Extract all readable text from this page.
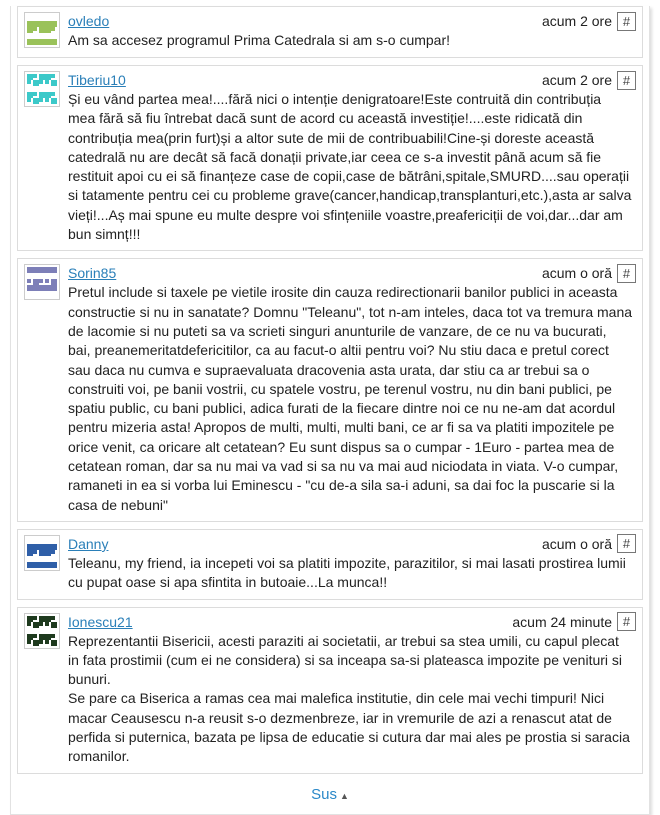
ovledo	acum 2 ore #
Am sa accesez programul Prima Catedrala si am s-o cumpar!
Tiberiu10	acum 2 ore #
Și eu vând partea mea!....fără nici o intenție denigratoare!Este contruită din contribuția mea fără să fiu întrebat dacă sunt de acord cu această investiție!....este ridicată din contribuția mea(prin furt)și a altor sute de mii de contribuabili!Cine-și doreste această catedrală nu are decât să facă donații private,iar ceea ce s-a investit până acum să fie restituit apoi cu ei să finanțeze case de copii,case de bătrâni,spitale,SMURD....sau operații si tatamente pentru cei cu probleme grave(cancer,handicap,transplanturi,etc.),asta ar salva vieți!...Aș mai spune eu multe despre voi sfințeniile voastre,preafericiții de voi,dar...dar am bun simnț!!!
Sorin85	acum o oră #
Pretul include si taxele pe vietile irosite din cauza redirectionarii banilor publici in aceasta constructie si nu in sanatate? Domnu "Teleanu", tot n-am inteles, daca tot va tremura mana de lacomie si nu puteti sa va scrieti singuri anunturile de vanzare, de ce nu va bucurati, bai, preanemeritatdefericitilor, ca au facut-o altii pentru voi? Nu stiu daca e pretul corect sau daca nu cumva e supraevaluata dracovenia asta urata, dar stiu ca ar trebui sa o construiti voi, pe banii vostrii, cu spatele vostru, pe terenul vostru, nu din bani publici, pe spatiu public, cu bani publici, adica furati de la fiecare dintre noi ce nu ne-am dat acordul pentru mizeria asta! Apropos de multi, multi, multi bani, ce ar fi sa va platiti impozitele pe orice venit, ca oricare alt cetatean? Eu sunt dispus sa o cumpar - 1Euro - partea mea de cetatean roman, dar sa nu mai va vad si sa nu va mai aud niciodata in viata. V-o cumpar, ramaneti in ea si vorba lui Eminescu - "cu de-a sila sa-i aduni, sa dai foc la puscarie si la casa de nebuni"
Danny	acum o oră #
Teleanu, my friend, ia incepeti voi sa platiti impozite, parazitilor, si mai lasati prostirea lumii cu pupat oase si apa sfintita in butoaie...La munca!!
Ionescu21	acum 24 minute #
Reprezentantii Bisericii, acesti paraziti ai societatii, ar trebui sa stea umili, cu capul plecat in fata prostimii (cum ei ne considera) si sa inceapa sa-si plateasca impozite pe venituri si bunuri.
Se pare ca Biserica a ramas cea mai malefica institutie, din cele mai vechi timpuri! Nici macar Ceausescu n-a reusit s-o dezmenbreze, iar in vremurile de azi a renascut atat de perfida si puternica, bazata pe lipsa de educatie si cutura dar mai ales pe prostia si saracia romanilor.
Sus ▲
